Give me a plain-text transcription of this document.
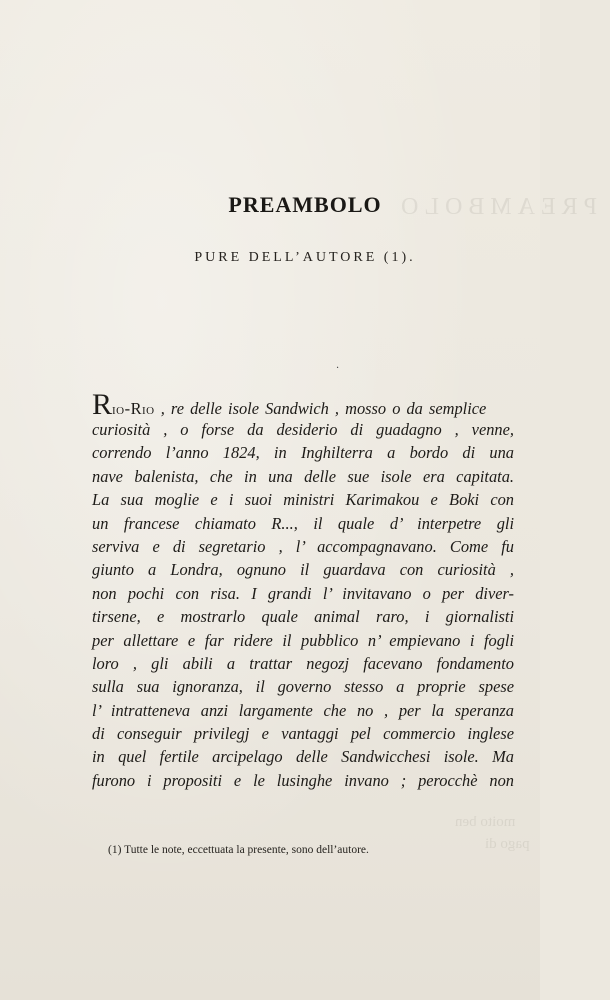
PREAMBOLO
moito ben
pago di
PREAMBOLO
PURE DELL’AUTORE (1).
·
Rio-Rio , re delle isole Sandwich , mosso o da semplice
curiosità , o forse da desiderio di guadagno , venne,
correndo l’anno 1824, in Inghilterra a bordo di una
nave balenista, che in una delle sue isole era capitata.
La sua moglie e i suoi ministri Karimakou e Boki con
un francese chiamato R..., il quale d’ interpetre gli
serviva e di segretario , l’ accompagnavano. Come fu
giunto a Londra, ognuno il guardava con curiosità ,
non pochi con risa. I grandi l’ invitavano o per diver-
tirsene, e mostrarlo quale animal raro, i giornalisti
per allettare e far ridere il pubblico n’ empievano i fogli
loro , gli abili a trattar negozj facevano fondamento
sulla sua ignoranza, il governo stesso a proprie spese
l’ intratteneva anzi largamente che no , per la speranza
di conseguir privilegj e vantaggi pel commercio inglese
in quel fertile arcipelago delle Sandwicchesi isole. Ma
furono i propositi e le lusinghe invano ; perocchè non
(1) Tutte le note, eccettuata la presente, sono dell’autore.
